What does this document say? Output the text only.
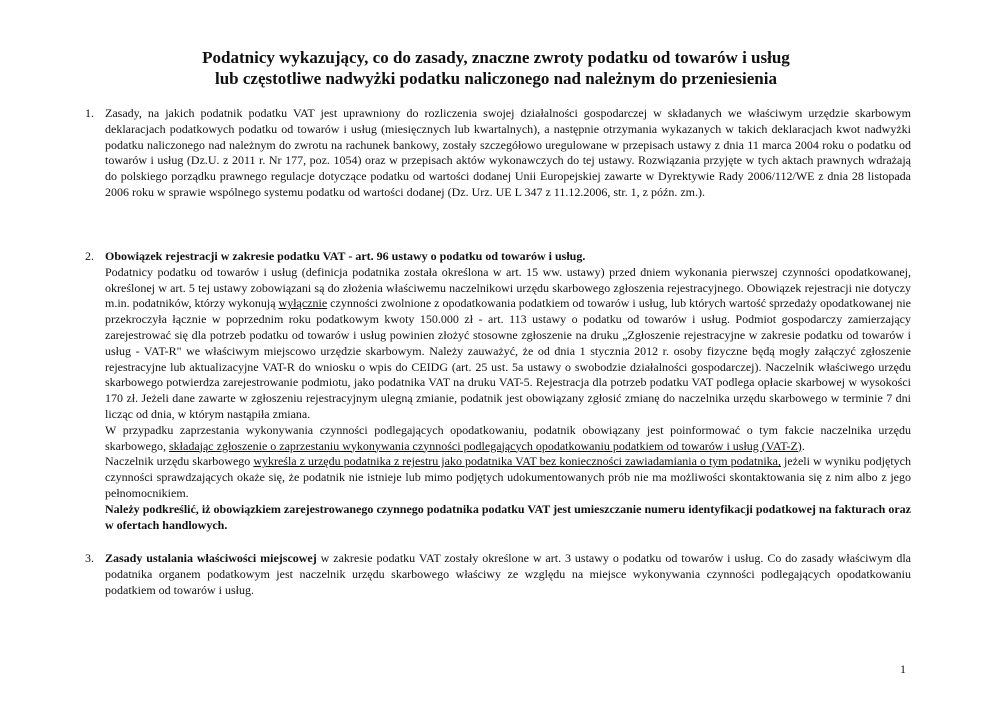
Podatnicy wykazujący, co do zasady, znaczne zwroty podatku od towarów i usług
lub częstotliwe nadwyżki podatku naliczonego nad należnym do przeniesienia
1. Zasady, na jakich podatnik podatku VAT jest uprawniony do rozliczenia swojej działalności gospodarczej w składanych we właściwym urzędzie skarbowym deklaracjach podatkowych podatku od towarów i usług (miesięcznych lub kwartalnych), a następnie otrzymania wykazanych w takich deklaracjach kwot nadwyżki podatku naliczonego nad należnym do zwrotu na rachunek bankowy, zostały szczegółowo uregulowane w przepisach ustawy z dnia 11 marca 2004 roku o podatku od towarów i usług (Dz.U. z 2011 r. Nr 177, poz. 1054) oraz w przepisach aktów wykonawczych do tej ustawy. Rozwiązania przyjęte w tych aktach prawnych wdrażają do polskiego porządku prawnego regulacje dotyczące podatku od wartości dodanej Unii Europejskiej zawarte w Dyrektywie Rady 2006/112/WE z dnia 28 listopada 2006 roku w sprawie wspólnego systemu podatku od wartości dodanej (Dz. Urz. UE L 347 z 11.12.2006, str. 1, z późn. zm.).

2. Obowiązek rejestracji w zakresie podatku VAT - art. 96 ustawy o podatku od towarów i usług.

Podatnicy podatku od towarów i usług (definicja podatnika została określona w art. 15 ww. ustawy) przed dniem wykonania pierwszej czynności opodatkowanej, określonej w art. 5 tej ustawy zobowiązani są do złożenia właściwemu naczelnikowi urzędu skarbowego zgłoszenia rejestracyjnego. Obowiązek rejestracji nie dotyczy m.in. podatników, którzy wykonują wyłącznie czynności zwolnione z opodatkowania podatkiem od towarów i usług, lub których wartość sprzedaży opodatkowanej nie przekroczyła łącznie w poprzednim roku podatkowym kwoty 150.000 zł - art. 113 ustawy o podatku od towarów i usług. Podmiot gospodarczy zamierzający zarejestrować się dla potrzeb podatku od towarów i usług powinien złożyć stosowne zgłoszenie na druku „Zgłoszenie rejestracyjne w zakresie podatku od towarów i usług - VAT-R" we właściwym miejscowo urzędzie skarbowym. Należy zauważyć, że od dnia 1 stycznia 2012 r. osoby fizyczne będą mogły załączyć zgłoszenie rejestracyjne lub aktualizacyjne VAT-R do wniosku o wpis do CEIDG (art. 25 ust. 5a ustawy o swobodzie działalności gospodarczej). Naczelnik właściwego urzędu skarbowego potwierdza zarejestrowanie podmiotu, jako podatnika VAT na druku VAT-5. Rejestracja dla potrzeb podatku VAT podlega opłacie skarbowej w wysokości 170 zł. Jeżeli dane zawarte w zgłoszeniu rejestracyjnym ulegną zmianie, podatnik jest obowiązany zgłosić zmianę do naczelnika urzędu skarbowego w terminie 7 dni licząc od dnia, w którym nastąpiła zmiana.

W przypadku zaprzestania wykonywania czynności podlegających opodatkowaniu, podatnik obowiązany jest poinformować o tym fakcie naczelnika urzędu skarbowego, składając zgłoszenie o zaprzestaniu wykonywania czynności podlegających opodatkowaniu podatkiem od towarów i usług (VAT-Z).

Naczelnik urzędu skarbowego wykreśla z urzędu podatnika z rejestru jako podatnika VAT bez konieczności zawiadamiania o tym podatnika, jeżeli w wyniku podjętych czynności sprawdzających okaże się, że podatnik nie istnieje lub mimo podjętych udokumentowanych prób nie ma możliwości skontaktowania się z nim albo z jego pełnomocnikiem.

Należy podkreślić, iż obowiązkiem zarejestrowanego czynnego podatnika podatku VAT jest umieszczanie numeru identyfikacji podatkowej na fakturach oraz w ofertach handlowych.

3. Zasady ustalania właściwości miejscowej w zakresie podatku VAT zostały określone w art. 3 ustawy o podatku od towarów i usług. Co do zasady właściwym dla podatnika organem podatkowym jest naczelnik urzędu skarbowego właściwy ze względu na miejsce wykonywania czynności podlegających opodatkowaniu podatkiem od towarów i usług.

1
